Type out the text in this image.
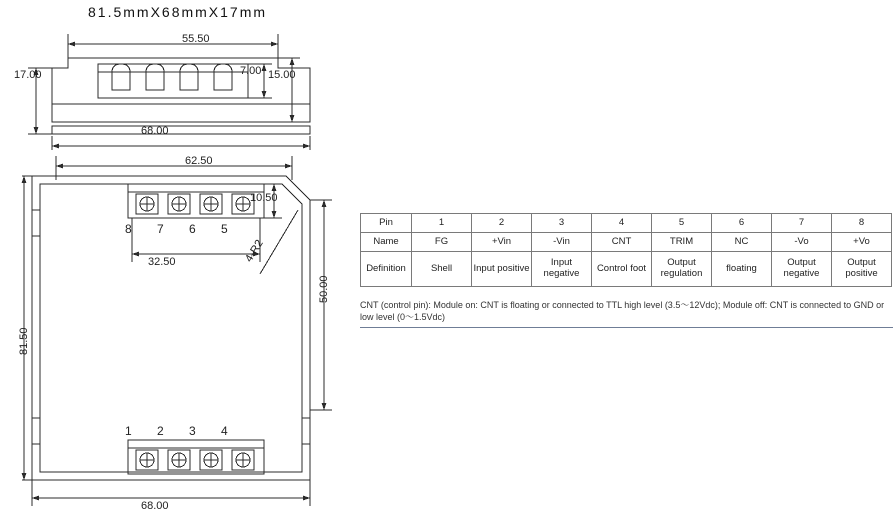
81.5mmX68mmX17mm
55.50
7.00 15.00
17.00
68.00
62.50
10.50
32.50	4-R2
50.00
81.50
68.00
8 7 6 5
1 2 3 4
Pin	1	2	3	4	5	6	7	8
Name	FG	+Vin	-Vin	CNT	TRIM	NC	-Vo	+Vo
Definition	Shell	Input positive	Input negative	Control foot	Output regulation	floating	Output negative	Output positive
CNT (control pin): Module on: CNT is floating or connected to TTL high level (3.5～12Vdc); Module off: CNT is connected to GND or low level (0～1.5Vdc)
